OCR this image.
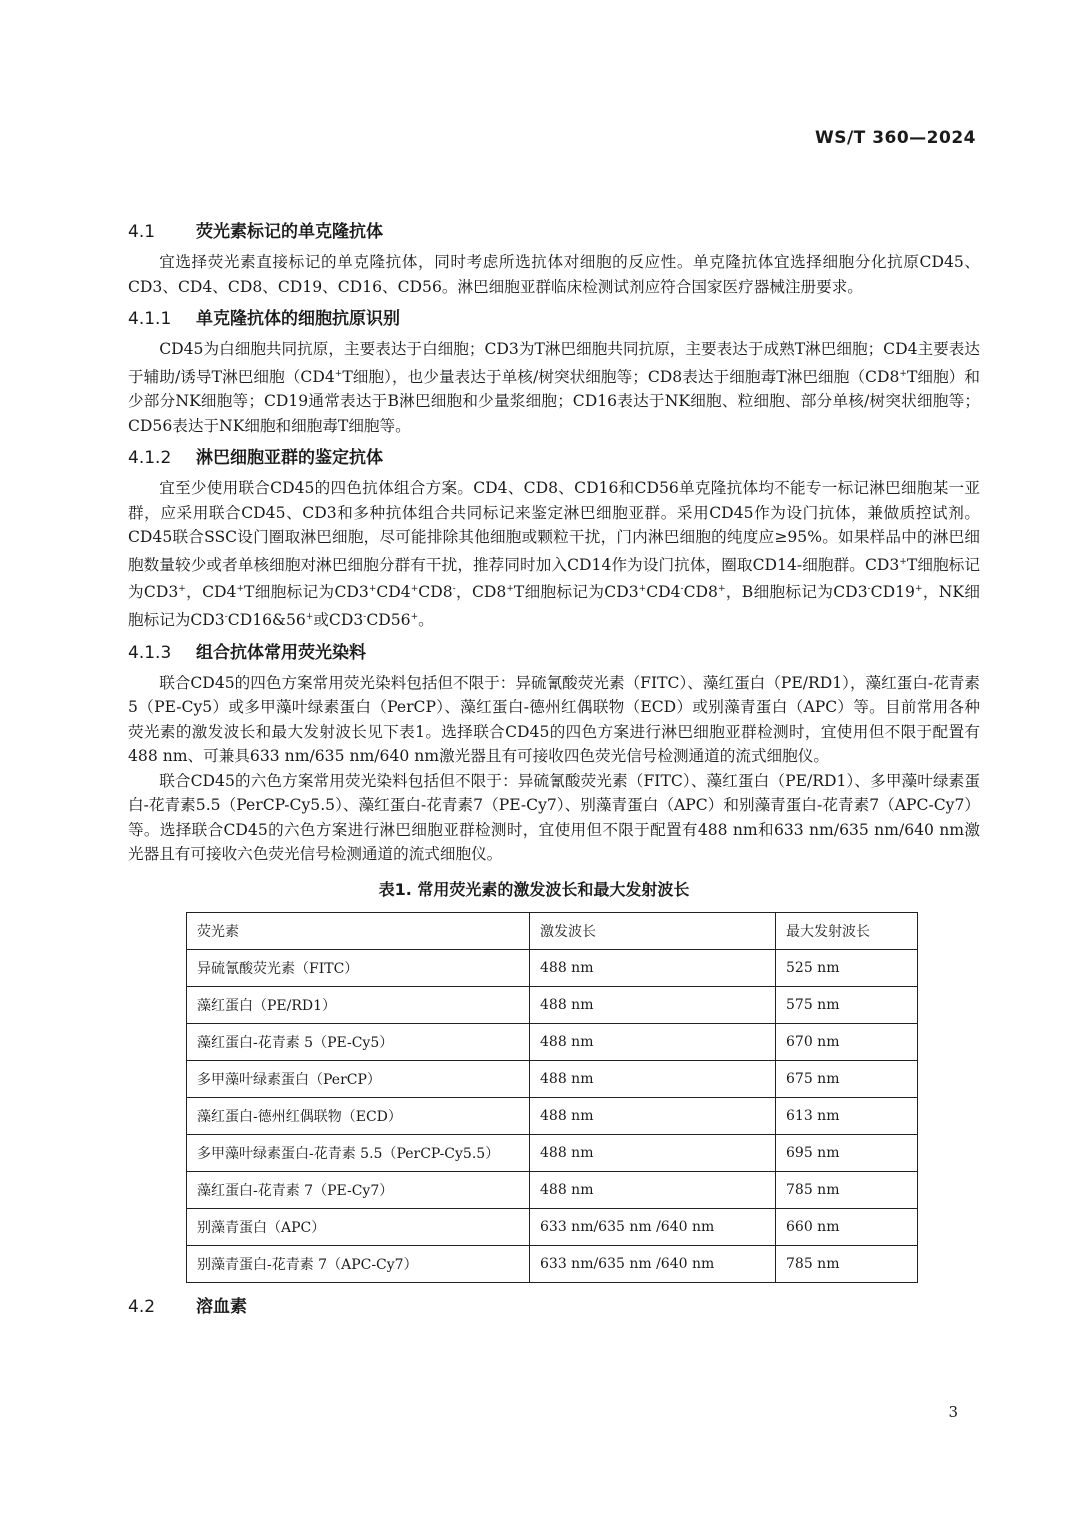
WS/T 360—2024
4.1 荧光素标记的单克隆抗体

宜选择荧光素直接标记的单克隆抗体，同时考虑所选抗体对细胞的反应性。单克隆抗体宜选择细胞分化抗原CD45、CD3、CD4、CD8、CD19、CD16、CD56。淋巴细胞亚群临床检测试剂应符合国家医疗器械注册要求。

4.1.1 单克隆抗体的细胞抗原识别

CD45为白细胞共同抗原，主要表达于白细胞；CD3为T淋巴细胞共同抗原，主要表达于成熟T淋巴细胞；CD4主要表达于辅助/诱导T淋巴细胞（CD4+T细胞），也少量表达于单核/树突状细胞等；CD8表达于细胞毒T淋巴细胞（CD8+T细胞）和少部分NK细胞等；CD19通常表达于B淋巴细胞和少量浆细胞；CD16表达于NK细胞、粒细胞、部分单核/树突状细胞等；CD56表达于NK细胞和细胞毒T细胞等。

4.1.2 淋巴细胞亚群的鉴定抗体

宜至少使用联合CD45的四色抗体组合方案。CD4、CD8、CD16和CD56单克隆抗体均不能专一标记淋巴细胞某一亚群，应采用联合CD45、CD3和多种抗体组合共同标记来鉴定淋巴细胞亚群。采用CD45作为设门抗体，兼做质控试剂。CD45联合SSC设门圈取淋巴细胞，尽可能排除其他细胞或颗粒干扰，门内淋巴细胞的纯度应≥95%。如果样品中的淋巴细胞数量较少或者单核细胞对淋巴细胞分群有干扰，推荐同时加入CD14作为设门抗体，圈取CD14-细胞群。CD3+T细胞标记为CD3+，CD4+T细胞标记为CD3+CD4+CD8-，CD8+T细胞标记为CD3+CD4-CD8+，B细胞标记为CD3-CD19+，NK细胞标记为CD3-CD16&56+或CD3-CD56+。

4.1.3 组合抗体常用荧光染料

联合CD45的四色方案常用荧光染料包括但不限于：异硫氰酸荧光素（FITC）、藻红蛋白（PE/RD1），藻红蛋白-花青素5（PE-Cy5）或多甲藻叶绿素蛋白（PerCP）、藻红蛋白-德州红偶联物（ECD）或别藻青蛋白（APC）等。目前常用各种荧光素的激发波长和最大发射波长见下表1。选择联合CD45的四色方案进行淋巴细胞亚群检测时，宜使用但不限于配置有488 nm、可兼具633 nm/635 nm/640 nm激光器且有可接收四色荧光信号检测通道的流式细胞仪。

联合CD45的六色方案常用荧光染料包括但不限于：异硫氰酸荧光素（FITC）、藻红蛋白（PE/RD1）、多甲藻叶绿素蛋白-花青素5.5（PerCP-Cy5.5）、藻红蛋白-花青素7（PE-Cy7）、别藻青蛋白（APC）和别藻青蛋白-花青素7（APC-Cy7）等。选择联合CD45的六色方案进行淋巴细胞亚群检测时，宜使用但不限于配置有488 nm和633 nm/635 nm/640 nm激光器且有可接收六色荧光信号检测通道的流式细胞仪。

表1. 常用荧光素的激发波长和最大发射波长
荧光素	激发波长	最大发射波长
异硫氰酸荧光素（FITC）	488 nm	525 nm
藻红蛋白（PE/RD1）	488 nm	575 nm
藻红蛋白-花青素 5（PE-Cy5）	488 nm	670 nm
多甲藻叶绿素蛋白（PerCP）	488 nm	675 nm
藻红蛋白-德州红偶联物（ECD）	488 nm	613 nm
多甲藻叶绿素蛋白-花青素 5.5（PerCP-Cy5.5）	488 nm	695 nm
藻红蛋白-花青素 7（PE-Cy7）	488 nm	785 nm
别藻青蛋白（APC）	633 nm/635 nm /640 nm	660 nm
别藻青蛋白-花青素 7（APC-Cy7）	633 nm/635 nm /640 nm	785 nm
4.2 溶血素
3
